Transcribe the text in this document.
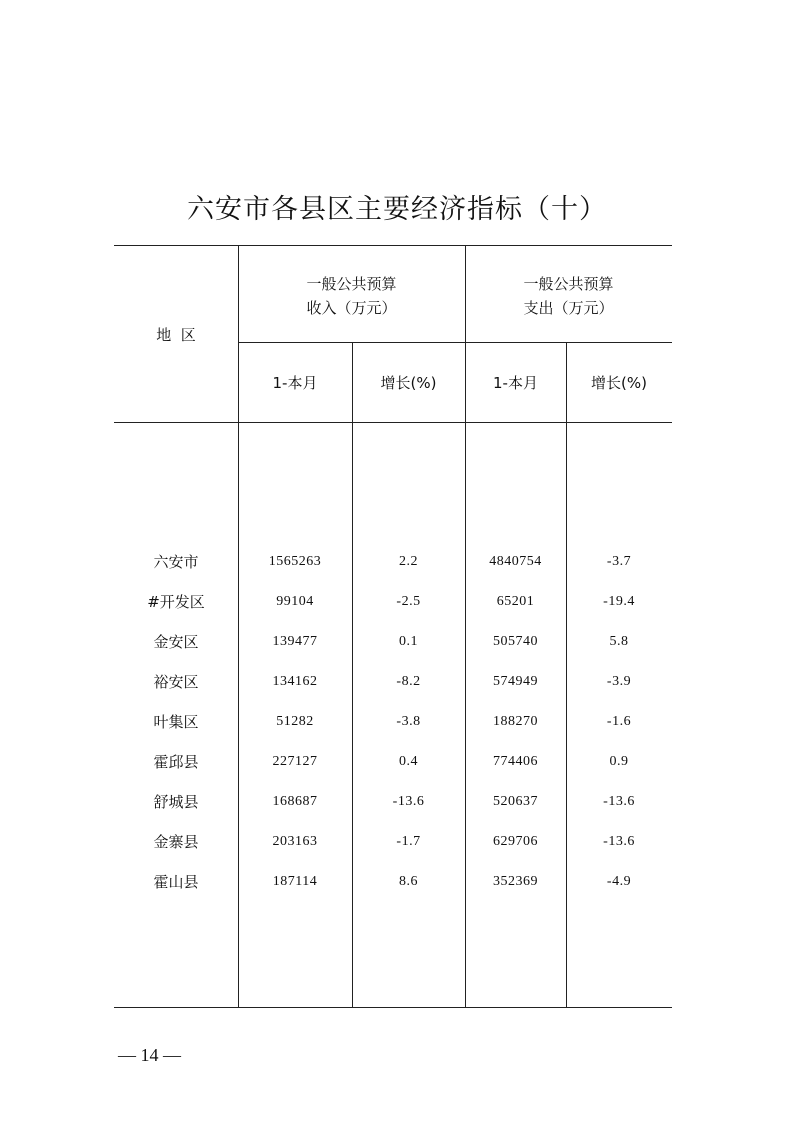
六安市各县区主要经济指标（十）
地  区
一般公共预算
收入（万元）
一般公共预算
支出（万元）
1-本月	增长(%)	1-本月	增长(%)
六安市	1565263	2.2	4840754	-3.7
#开发区	99104	-2.5	65201	-19.4
金安区	139477	0.1	505740	5.8
裕安区	134162	-8.2	574949	-3.9
叶集区	51282	-3.8	188270	-1.6
霍邱县	227127	0.4	774406	0.9
舒城县	168687	-13.6	520637	-13.6
金寨县	203163	-1.7	629706	-13.6
霍山县	187114	8.6	352369	-4.9
— 14 —
